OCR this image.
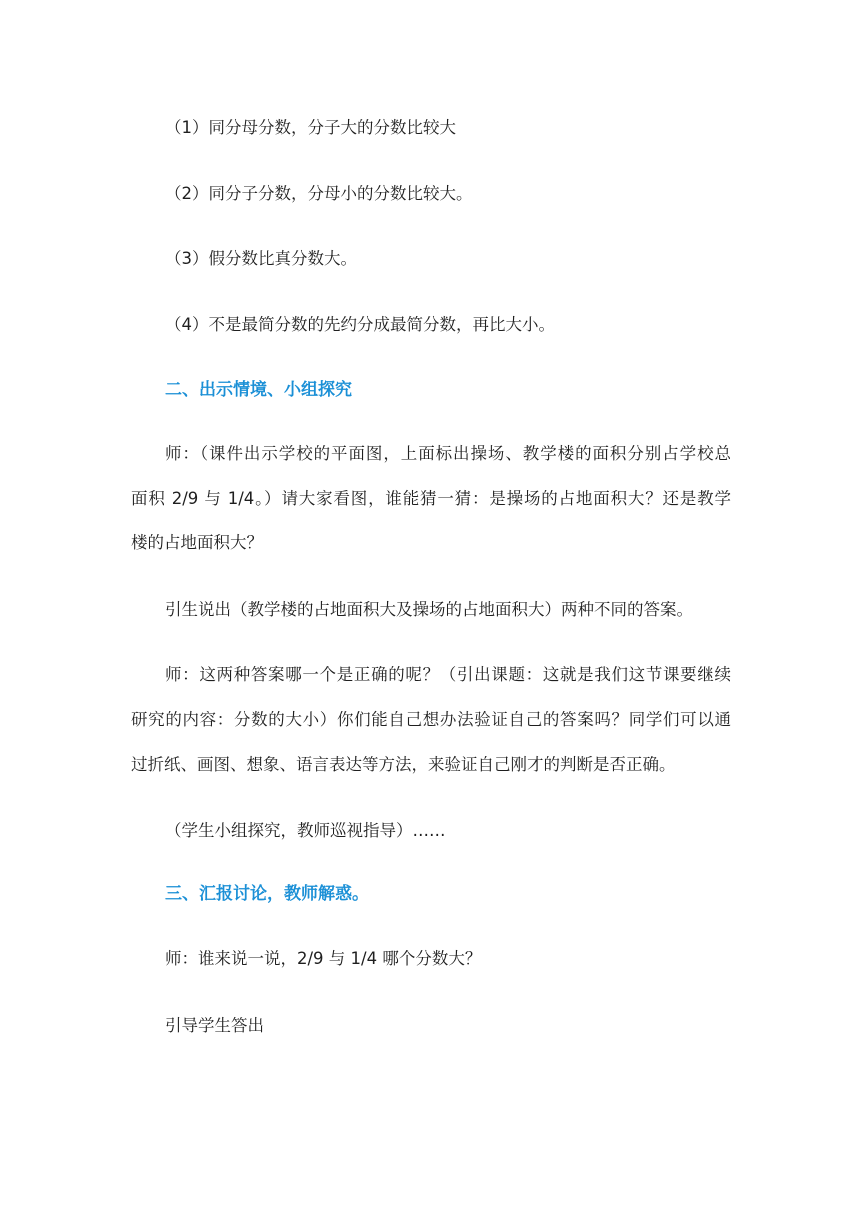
（1）同分母分数，分子大的分数比较大
（2）同分子分数，分母小的分数比较大。
（3）假分数比真分数大。
（4）不是最简分数的先约分成最简分数，再比大小。
二、出示情境、小组探究
师：（课件出示学校的平面图，上面标出操场、教学楼的面积分别占学校总
面积 2/9 与 1/4。）请大家看图，谁能猜一猜：是操场的占地面积大？还是教学
楼的占地面积大？
引生说出（教学楼的占地面积大及操场的占地面积大）两种不同的答案。
师：这两种答案哪一个是正确的呢？（引出课题：这就是我们这节课要继续
研究的内容：分数的大小）你们能自己想办法验证自己的答案吗？同学们可以通
过折纸、画图、想象、语言表达等方法，来验证自己刚才的判断是否正确。
（学生小组探究，教师巡视指导）……
三、汇报讨论，教师解惑。
师：谁来说一说，2/9 与 1/4 哪个分数大？
引导学生答出
